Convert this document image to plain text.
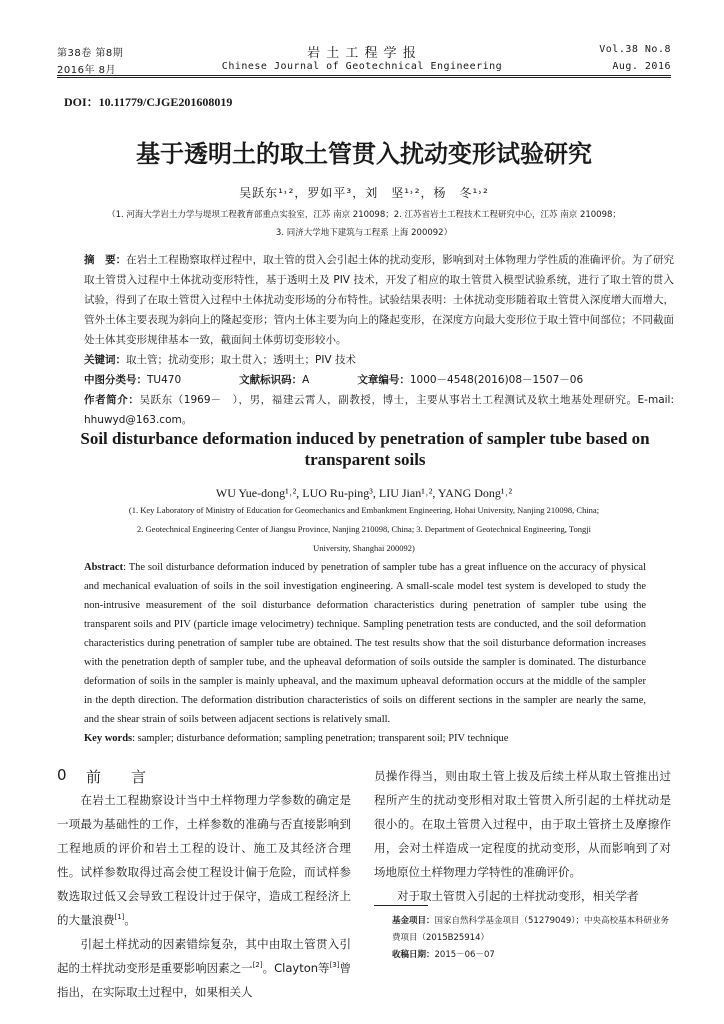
第38卷 第8期
2016年 8月
岩 土 工 程 学 报
Chinese Journal of Geotechnical Engineering
Vol.38 No.8
Aug. 2016
DOI：10.11779/CJGE201608019
基于透明土的取土管贯入扰动变形试验研究
吴跃东¹˒²，罗如平³，刘　坚¹˒²，杨　冬¹˒²
（1. 河海大学岩土力学与堤坝工程教育部重点实验室，江苏 南京 210098；2. 江苏省岩土工程技术工程研究中心，江苏 南京 210098；
3. 同济大学地下建筑与工程系 上海 200092）

摘　要：在岩土工程勘察取样过程中，取土管的贯入会引起土体的扰动变形，影响到对土体物理力学性质的准确评价。为了研究取土管贯入过程中土体扰动变形特性，基于透明土及 PIV 技术，开发了相应的取土管贯入模型试验系统，进行了取土管的贯入试验，得到了在取土管贯入过程中土体扰动变形场的分布特性。试验结果表明：土体扰动变形随着取土管贯入深度增大而增大，管外土体主要表现为斜向上的隆起变形；管内土体主要为向上的隆起变形，在深度方向最大变形位于取土管中间部位；不同截面处土体其变形规律基本一致，截面间土体剪切变形较小。

关键词：取土管；扰动变形；取土贯入；透明土；PIV 技术

中图分类号：TU470	文献标识码：A	文章编号：1000－4548(2016)08－1507－06

作者简介：吴跃东（1969－　），男，福建云霄人，副教授，博士，主要从事岩土工程测试及软土地基处理研究。E-mail: hhuwyd@163.com。

Soil disturbance deformation induced by penetration of sampler tube based on transparent soils
WU Yue-dong¹˒², LUO Ru-ping³, LIU Jian¹˒², YANG Dong¹˒²
(1. Key Laboratory of Ministry of Education for Geomechanics and Embankment Engineering, Hohai University, Nanjing 210098, China;
2. Geotechnical Engineering Center of Jiangsu Province, Nanjing 210098, China; 3. Department of Geotechnical Engineering, Tongji
University, Shanghai 200092)

Abstract: The soil disturbance deformation induced by penetration of sampler tube has a great influence on the accuracy of physical and mechanical evaluation of soils in the soil investigation engineering. A small-scale model test system is developed to study the non-intrusive measurement of the soil disturbance deformation characteristics during penetration of sampler tube using the transparent soils and PIV (particle image velocimetry) technique. Sampling penetration tests are conducted, and the soil deformation characteristics during penetration of sampler tube are obtained. The test results show that the soil disturbance deformation increases with the penetration depth of sampler tube, and the upheaval deformation of soils outside the sampler is dominated. The disturbance deformation of soils in the sampler is mainly upheaval, and the maximum upheaval deformation occurs at the middle of the sampler in the depth direction. The deformation distribution characteristics of soils on different sections in the sampler are nearly the same, and the shear strain of soils between adjacent sections is relatively small.

Key words: sampler; disturbance deformation; sampling penetration; transparent soil; PIV technique

0 前　　言

　　在岩土工程勘察设计当中土样物理力学参数的确定是一项最为基础性的工作，土样参数的准确与否直接影响到工程地质的评价和岩土工程的设计、施工及其经济合理性。试样参数取得过高会使工程设计偏于危险，而试样参数选取过低又会导致工程设计过于保守，造成工程经济上的大量浪费[1]。

　　引起土样扰动的因素错综复杂，其中由取土管贯入引起的土样扰动变形是重要影响因素之一[2]。Clayton等[3]曾指出，在实际取土过程中，如果相关人

员操作得当，则由取土管上拔及后续土样从取土管推出过程所产生的扰动变形相对取土管贯入所引起的土样扰动是很小的。在取土管贯入过程中，由于取土管挤土及摩擦作用，会对土样造成一定程度的扰动变形，从而影响到了对场地原位土样物理力学特性的准确评价。

　　对于取土管贯入引起的土样扰动变形，相关学者

基金项目：国家自然科学基金项目（51279049）；中央高校基本科研业务费项目（2015B25914）
收稿日期：2015－06－07
